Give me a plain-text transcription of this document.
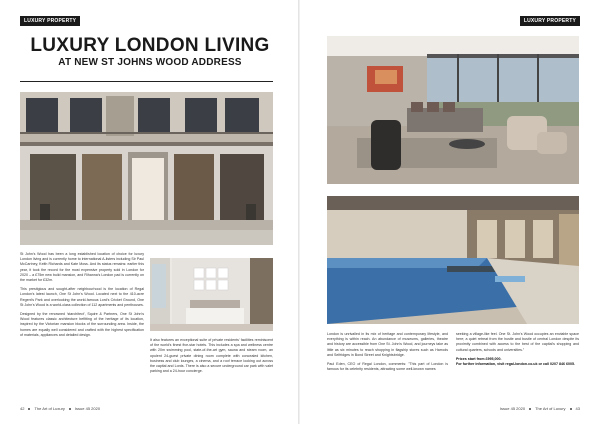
LUXURY PROPERTY
LUXURY LONDON LIVING
AT NEW ST JOHNS WOOD ADDRESS

St John's Wood has been a long established location of choice for luxury London living and is currently home to international A-listers including Sir Paul McCartney, Keith Richards and Kate Moss. And its status remains: earlier this year, it took the record for the most expensive property sold in London for 2020 – a £75m new build mansion, and Rihanna's London pad is currently on the market for £32m.

This prestigious and sought-after neighbourhood is the location of Regal London's latest launch, One St John's Wood. Located next to the 410-acre Regent's Park and overlooking the world-famous Lord's Cricket Ground, One St John's Wood is a world-class collection of 112 apartments and penthouses.

Designed by the renowned 'starchitect', Squire & Partners, One St John's Wood features classic architecture befitting of the heritage of its location, inspired by the Victorian mansion blocks of the surrounding area. Inside, the homes are equally well considered and crafted with the highest specification of materials, appliances and detailed design.

It also features an exceptional suite of private residents' facilities reminiscent of the world's finest five-star hotels. This includes a spa and wellness centre with 20m swimming pool, state-of-the-art gym, sauna and steam room, an opulent 24-guest private dining room complete with concealed kitchen, business and club lounges, a cinema, and a roof terrace looking out across the capital and Lords. There is also a secure underground car park with valet parking and a 24-hour concierge.

42	The Art of Luxury	Issue 45 2020
LUXURY PROPERTY

London is unrivalled in its mix of heritage and contemporary lifestyle, and everything is within reach. An abundance of museums, galleries, theatre and history are accessible from One St. John's Wood, and journeys take as little as six minutes to reach shopping in flagship stores such as Harrods and Selfridges in Bond Street and Knightsbridge.

Paul Eden, CEO of Regal London, comments: "This part of London is famous for its celebrity residents, attracting some well-known names

seeking a village-like feel. One St. John's Wood occupies an enviable space here; a quiet retreat from the hustle and bustle of central London despite its proximity combined with access to the best of the capital's shopping and cultural quarters, schools and universities."

Prices start from £995,000.

For further information, visit regal-london.co.uk or call 0207 846 6005.

Issue 45 2020	The Art of Luxury	43
